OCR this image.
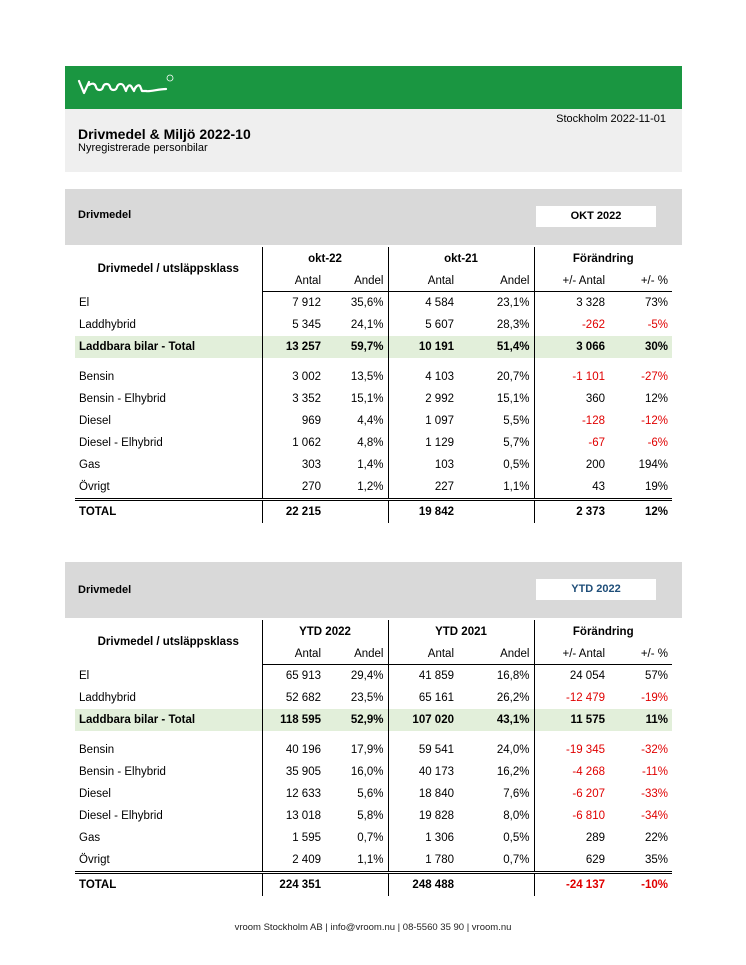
Stockholm 2022-11-01
Drivmedel & Miljö 2022-10
Nyregistrerade personbilar
Drivmedel	OKT 2022
Drivmedel / utsläppsklass	okt-22		okt-21		Förändring	
	Antal	Andel	Antal	Andel	+/- Antal	+/- %
El	7 912	35,6%	4 584	23,1%	3 328	73%
Laddhybrid	5 345	24,1%	5 607	28,3%	-262	-5%
Laddbara bilar - Total	13 257	59,7%	10 191	51,4%	3 066	30%

Bensin	3 002	13,5%	4 103	20,7%	-1 101	-27%
Bensin - Elhybrid	3 352	15,1%	2 992	15,1%	360	12%
Diesel	969	4,4%	1 097	5,5%	-128	-12%
Diesel - Elhybrid	1 062	4,8%	1 129	5,7%	-67	-6%
Gas	303	1,4%	103	0,5%	200	194%
Övrigt	270	1,2%	227	1,1%	43	19%
TOTAL	22 215		19 842		2 373	12%
Drivmedel	YTD 2022
Drivmedel / utsläppsklass	YTD 2022		YTD 2021		Förändring	
	Antal	Andel	Antal	Andel	+/- Antal	+/- %
El	65 913	29,4%	41 859	16,8%	24 054	57%
Laddhybrid	52 682	23,5%	65 161	26,2%	-12 479	-19%
Laddbara bilar - Total	118 595	52,9%	107 020	43,1%	11 575	11%

Bensin	40 196	17,9%	59 541	24,0%	-19 345	-32%
Bensin - Elhybrid	35 905	16,0%	40 173	16,2%	-4 268	-11%
Diesel	12 633	5,6%	18 840	7,6%	-6 207	-33%
Diesel - Elhybrid	13 018	5,8%	19 828	8,0%	-6 810	-34%
Gas	1 595	0,7%	1 306	0,5%	289	22%
Övrigt	2 409	1,1%	1 780	0,7%	629	35%
TOTAL	224 351		248 488		-24 137	-10%
vroom Stockholm AB | info@vroom.nu | 08-5560 35 90 | vroom.nu
